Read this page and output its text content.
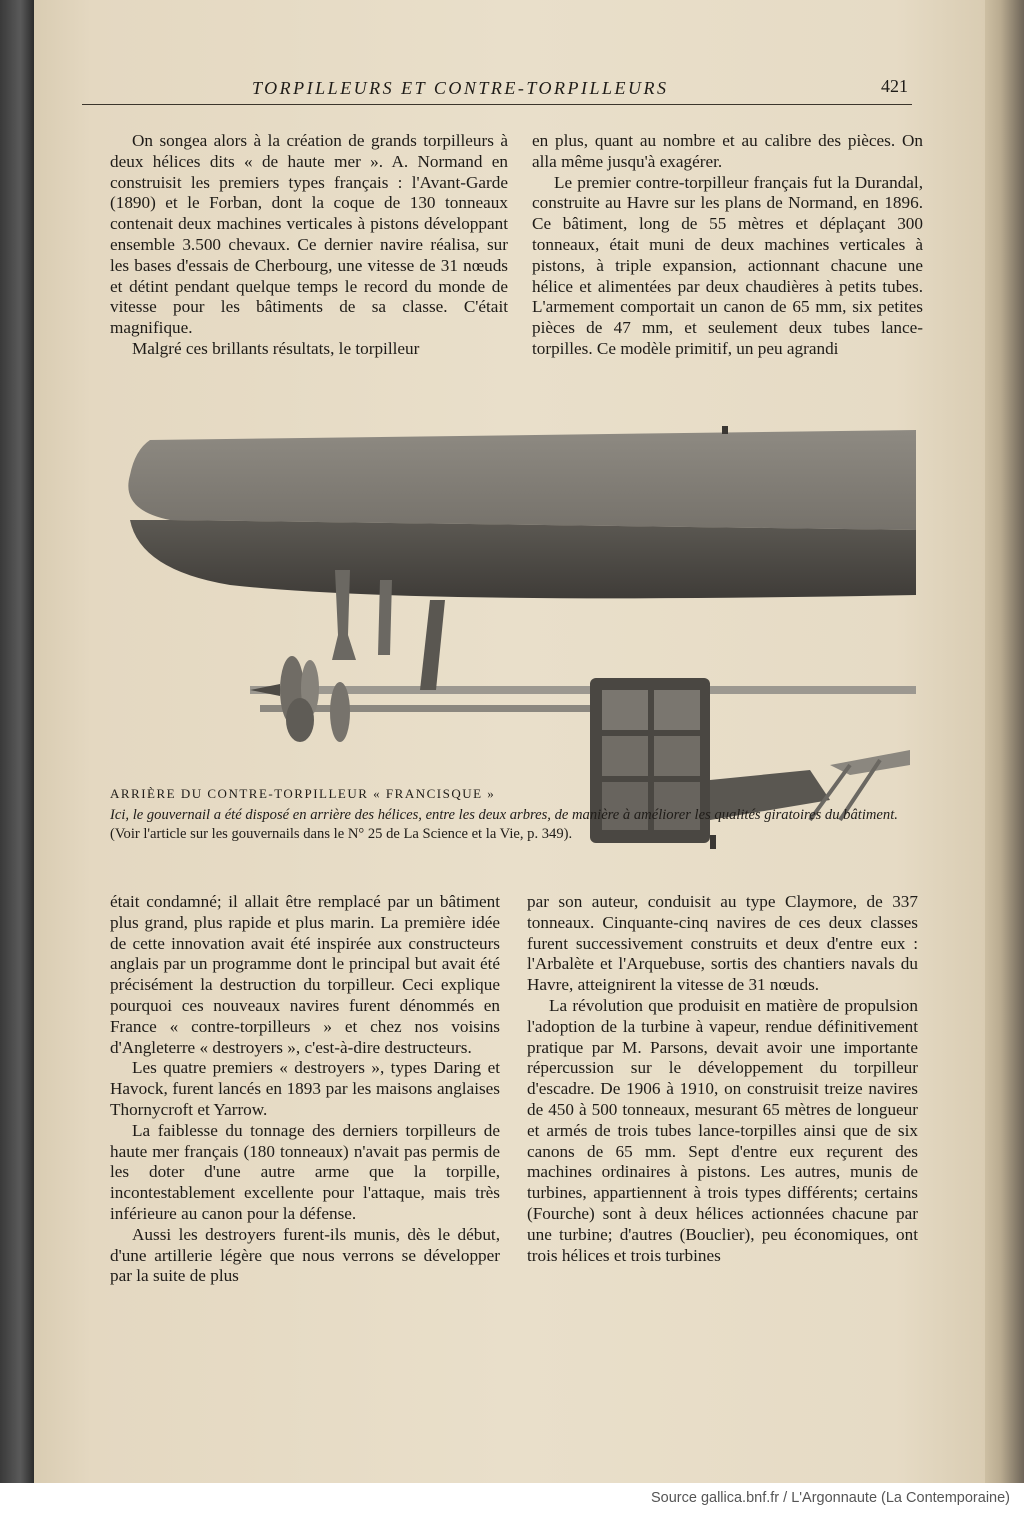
TORPILLEURS ET CONTRE-TORPILLEURS	421

On songea alors à la création de grands torpilleurs à deux hélices dits « de haute mer ». A. Normand en construisit les premiers types français : l'Avant-Garde (1890) et le Forban, dont la coque de 130 tonneaux contenait deux machines verticales à pistons développant ensemble 3.500 chevaux. Ce dernier navire réalisa, sur les bases d'essais de Cherbourg, une vitesse de 31 nœuds et détint pendant quelque temps le record du monde de vitesse pour les bâtiments de sa classe. C'était magnifique.

Malgré ces brillants résultats, le torpilleur

en plus, quant au nombre et au calibre des pièces. On alla même jusqu'à exagérer.

Le premier contre-torpilleur français fut la Durandal, construite au Havre sur les plans de Normand, en 1896. Ce bâtiment, long de 55 mètres et déplaçant 300 tonneaux, était muni de deux machines verticales à pistons, à triple expansion, actionnant chacune une hélice et alimentées par deux chaudières à petits tubes. L'armement comportait un canon de 65 mm, six petites pièces de 47 mm, et seulement deux tubes lance-torpilles. Ce modèle primitif, un peu agrandi

ARRIÈRE DU CONTRE-TORPILLEUR « FRANCISQUE »
Ici, le gouvernail a été disposé en arrière des hélices, entre les deux arbres, de manière à améliorer les qualités giratoires du bâtiment. (Voir l'article sur les gouvernails dans le N° 25 de La Science et la Vie, p. 349).

était condamné; il allait être remplacé par un bâtiment plus grand, plus rapide et plus marin. La première idée de cette innovation avait été inspirée aux constructeurs anglais par un programme dont le principal but avait été précisément la destruction du torpilleur. Ceci explique pourquoi ces nouveaux navires furent dénommés en France « contre-torpilleurs » et chez nos voisins d'Angleterre « destroyers », c'est-à-dire destructeurs.

Les quatre premiers « destroyers », types Daring et Havock, furent lancés en 1893 par les maisons anglaises Thornycroft et Yarrow.

La faiblesse du tonnage des derniers torpilleurs de haute mer français (180 tonneaux) n'avait pas permis de les doter d'une autre arme que la torpille, incontestablement excellente pour l'attaque, mais très inférieure au canon pour la défense.

Aussi les destroyers furent-ils munis, dès le début, d'une artillerie légère que nous verrons se développer par la suite de plus

par son auteur, conduisit au type Claymore, de 337 tonneaux. Cinquante-cinq navires de ces deux classes furent successivement construits et deux d'entre eux : l'Arbalète et l'Arquebuse, sortis des chantiers navals du Havre, atteignirent la vitesse de 31 nœuds.

La révolution que produisit en matière de propulsion l'adoption de la turbine à vapeur, rendue définitivement pratique par M. Parsons, devait avoir une importante répercussion sur le développement du torpilleur d'escadre. De 1906 à 1910, on construisit treize navires de 450 à 500 tonneaux, mesurant 65 mètres de longueur et armés de trois tubes lance-torpilles ainsi que de six canons de 65 mm. Sept d'entre eux reçurent des machines ordinaires à pistons. Les autres, munis de turbines, appartiennent à trois types différents; certains (Fourche) sont à deux hélices actionnées chacune par une turbine; d'autres (Bouclier), peu économiques, ont trois hélices et trois turbines

Source gallica.bnf.fr / L'Argonnaute (La Contemporaine)
